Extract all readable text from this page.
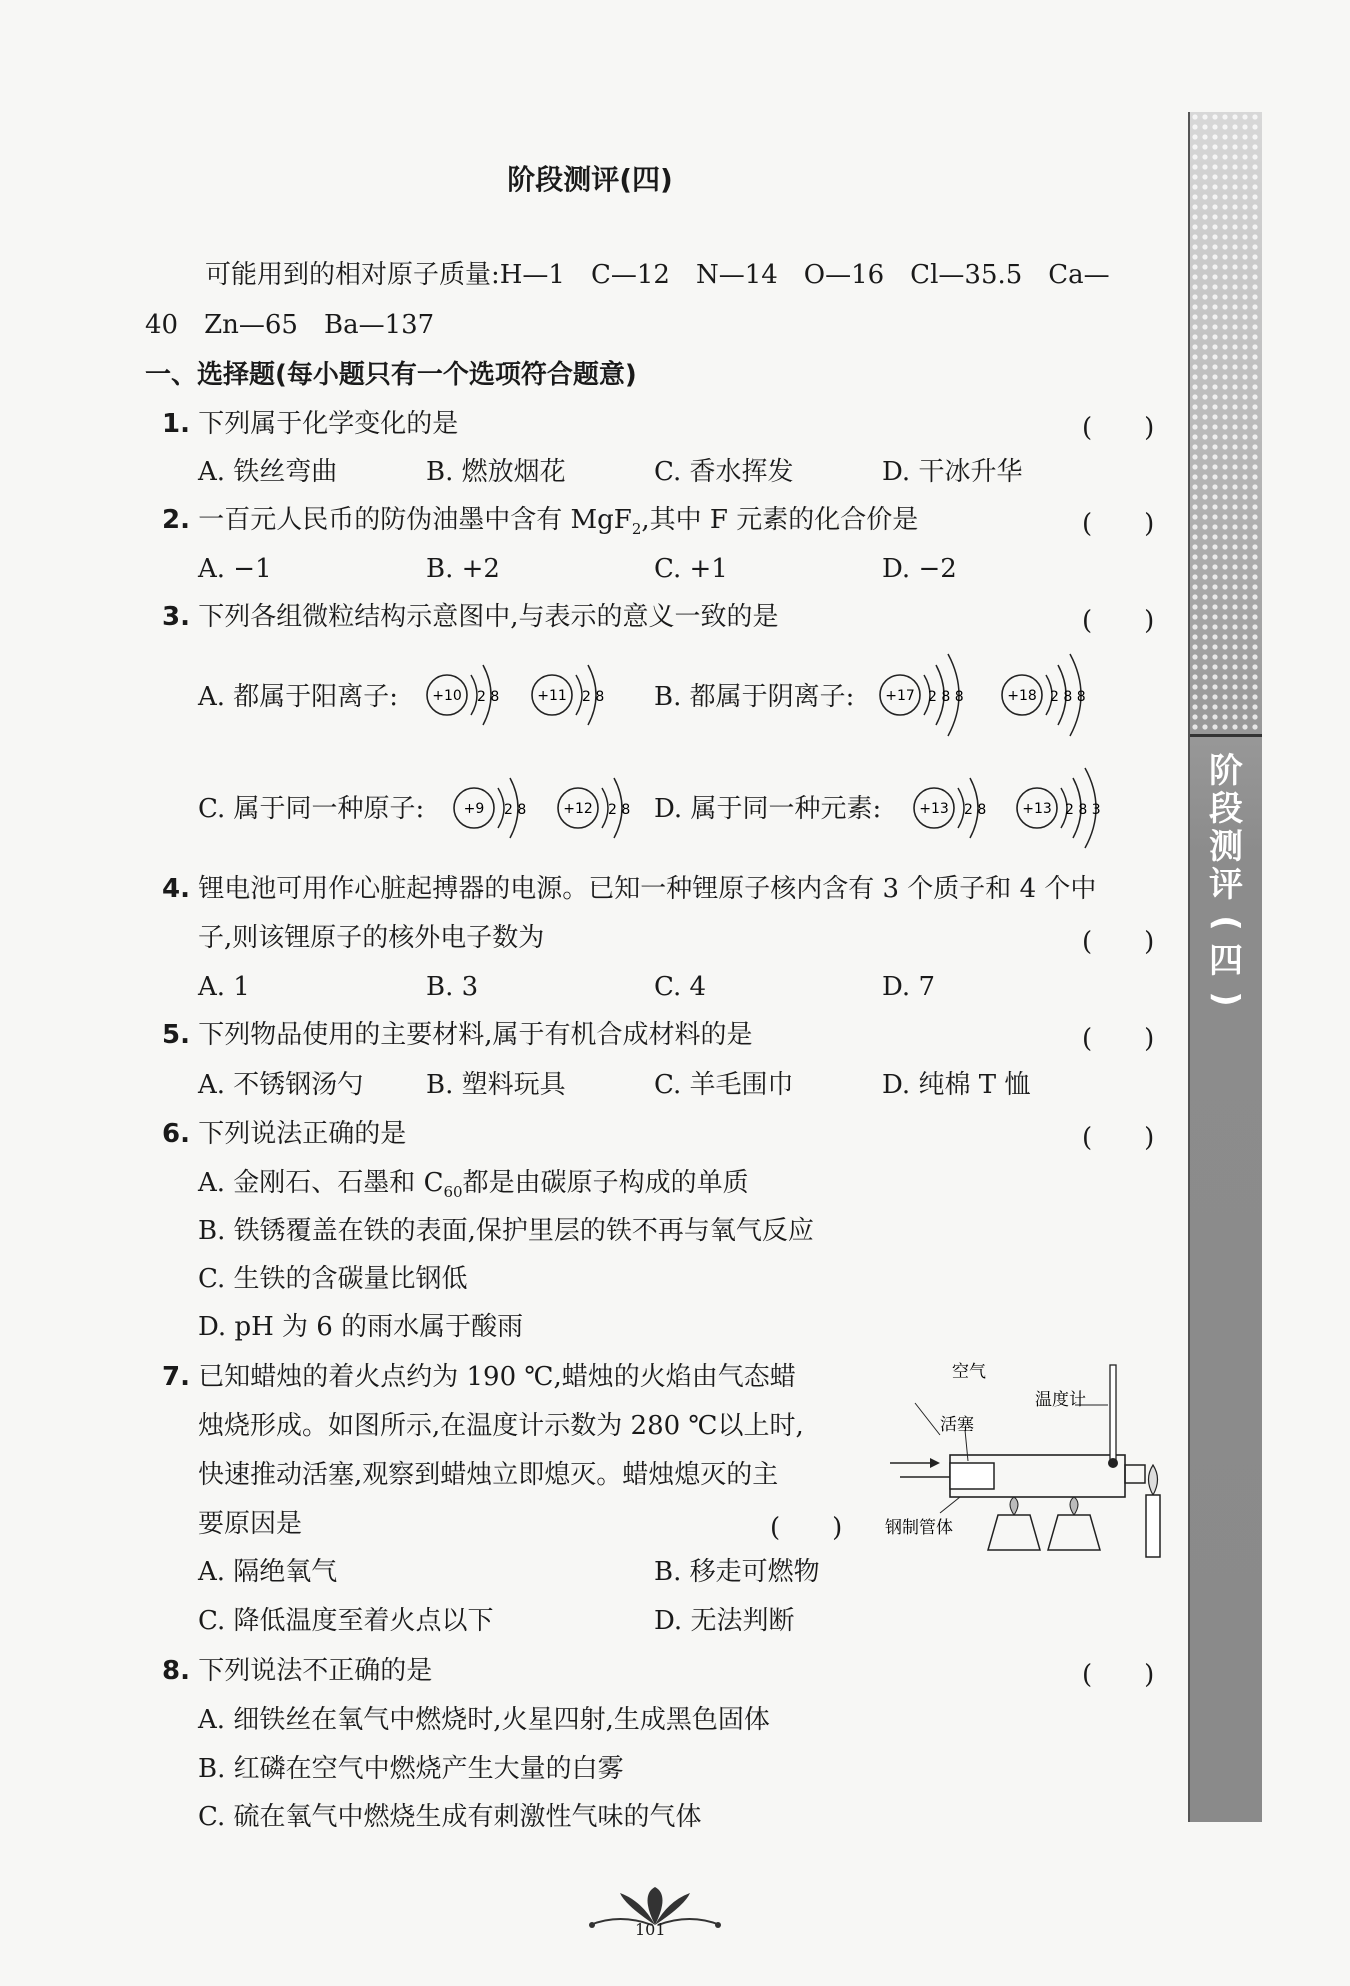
阶
段
测
评
(
四
)
阶段测评(四)
可能用到的相对原子质量:H—1　C—12　N—14　O—16　Cl—35.5　Ca—
40　Zn—65　Ba—137
一、选择题(每小题只有一个选项符合题意)
1. 下列属于化学变化的是	(　　)
A. 铁丝弯曲	B. 燃放烟花	C. 香水挥发	D. 干冰升华
2. 一百元人民币的防伪油墨中含有 MgF$_2$,其中 F 元素的化合价是	(　　)
A. −1	B. +2	C. +1	D. −2
3. 下列各组微粒结构示意图中,与表示的意义一致的是	(　　)
A. 都属于阳离子:	B. 都属于阴离子:
C. 属于同一种原子:	D. 属于同一种元素:
+10 2 8	+11 2 8	+17 2 8 8	+18 2 8 8
+9 2 8	+12 2 8	+13 2 8	+13 2 8 3
4. 锂电池可用作心脏起搏器的电源。已知一种锂原子核内含有 3 个质子和 4 个中
子,则该锂原子的核外电子数为	(　　)
A. 1	B. 3	C. 4	D. 7
5. 下列物品使用的主要材料,属于有机合成材料的是	(　　)
A. 不锈钢汤勺 B. 塑料玩具	C. 羊毛围巾	D. 纯棉 T 恤
6. 下列说法正确的是	(　　)
A. 金刚石、石墨和 $C_{60}$都是由碳原子构成的单质
B. 铁锈覆盖在铁的表面,保护里层的铁不再与氧气反应
C. 生铁的含碳量比钢低
D. pH 为 6 的雨水属于酸雨
7. 已知蜡烛的着火点约为 190 ℃,蜡烛的火焰由气态蜡
烛烧形成。如图所示,在温度计示数为 280 ℃以上时,
快速推动活塞,观察到蜡烛立即熄灭。蜡烛熄灭的主
要原因是	(　　)
A. 隔绝氧气	B. 移走可燃物
C. 降低温度至着火点以下	D. 无法判断
空气
温度计
活塞
钢制管体
8. 下列说法不正确的是	(　　)
A. 细铁丝在氧气中燃烧时,火星四射,生成黑色固体
B. 红磷在空气中燃烧产生大量的白雾
C. 硫在氧气中燃烧生成有刺激性气味的气体
101
